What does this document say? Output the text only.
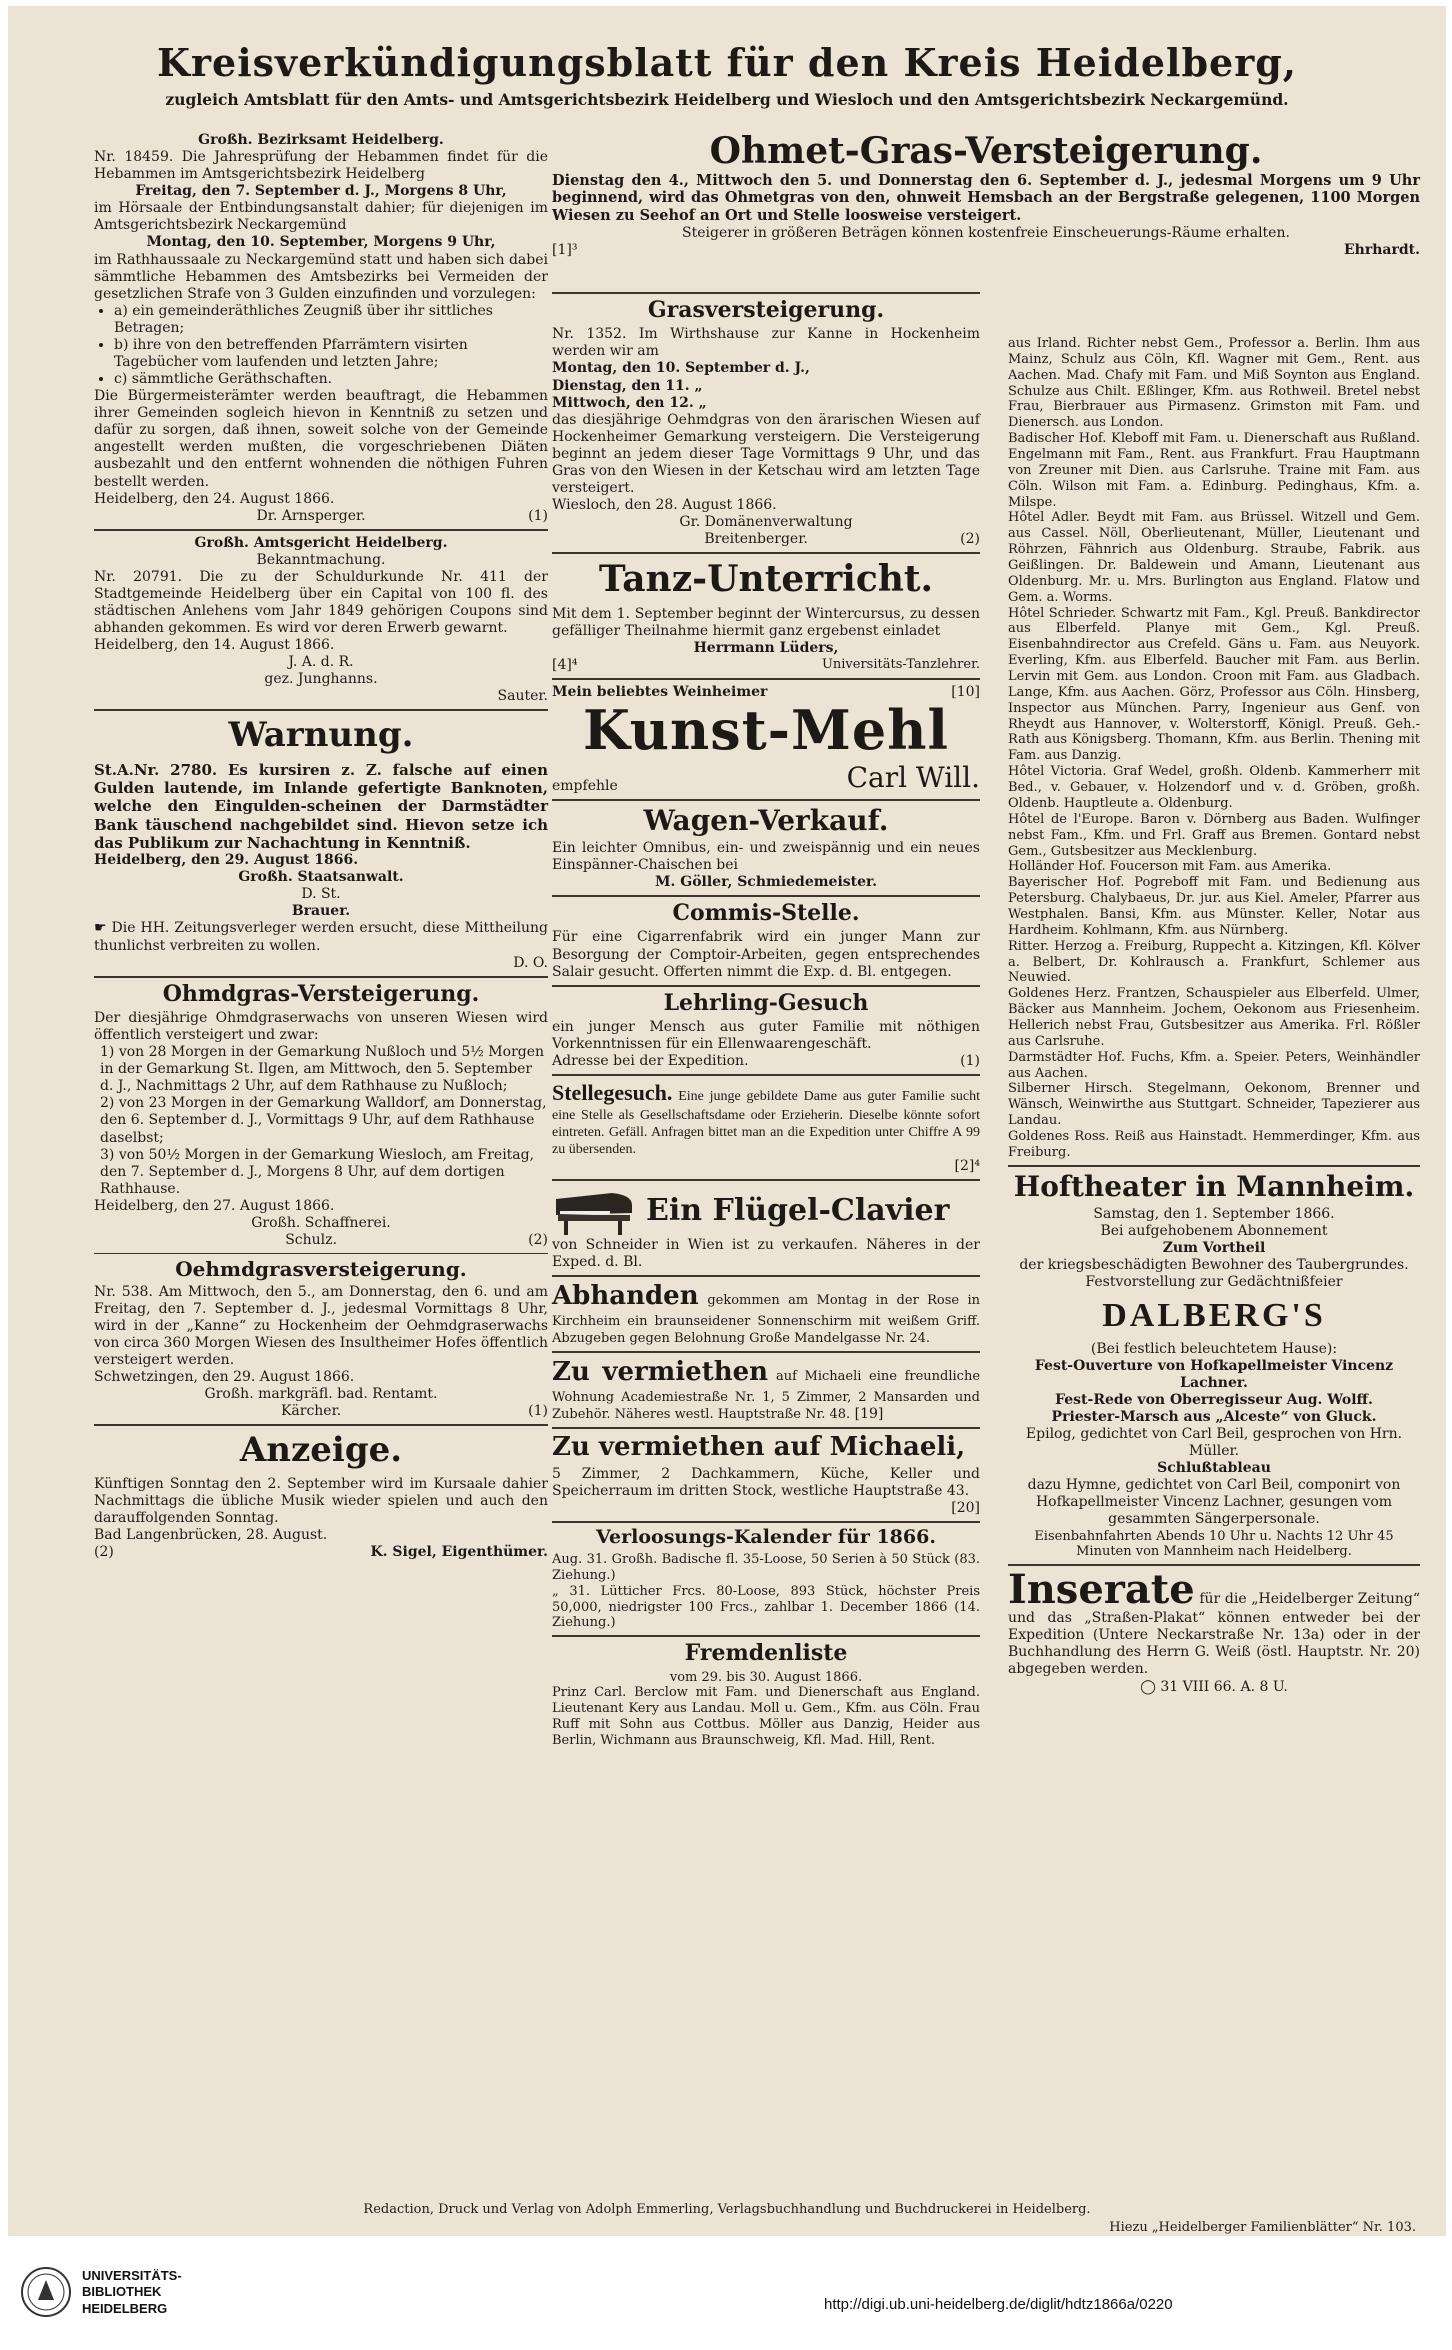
Kreisverkündigungsblatt für den Kreis Heidelberg,
zugleich Amtsblatt für den Amts- und Amtsgerichtsbezirk Heidelberg und Wiesloch und den Amtsgerichtsbezirk Neckargemünd.

Großh. Bezirksamt Heidelberg.

Nr. 18459. Die Jahresprüfung der Hebammen findet für die Hebammen im Amtsgerichtsbezirk Heidelberg

Freitag, den 7. September d. J., Morgens 8 Uhr,

im Hörsaale der Entbindungsanstalt dahier; für diejenigen im Amtsgerichtsbezirk Neckargemünd

Montag, den 10. September, Morgens 9 Uhr,

im Rathhaussaale zu Neckargemünd statt und haben sich dabei sämmtliche Hebammen des Amtsbezirks bei Vermeiden der gesetzlichen Strafe von 3 Gulden einzufinden und vorzulegen:

• a) ein gemeinderäthliches Zeugniß über ihr sittliches Betragen;
• b) ihre von den betreffenden Pfarrämtern visirten Tagebücher vom laufenden und letzten Jahre;
• c) sämmtliche Geräthschaften.

Die Bürgermeisterämter werden beauftragt, die Hebammen ihrer Gemeinden sogleich hievon in Kenntniß zu setzen und dafür zu sorgen, daß ihnen, soweit solche von der Gemeinde angestellt werden mußten, die vorgeschriebenen Diäten ausbezahlt und den entfernt wohnenden die nöthigen Fuhren bestellt werden.

Heidelberg, den 24. August 1866.

Dr. Arnsperger.	(1)

Großh. Amtsgericht Heidelberg.

Bekanntmachung.

Nr. 20791. Die zu der Schuldurkunde Nr. 411 der Stadtgemeinde Heidelberg über ein Capital von 100 fl. des städtischen Anlehens vom Jahr 1849 gehörigen Coupons sind abhanden gekommen. Es wird vor deren Erwerb gewarnt.

Heidelberg, den 14. August 1866.

J. A. d. R.

gez. Junghanns.

Sauter.

Warnung.

St.A.Nr. 2780. Es kursiren z. Z. falsche auf einen Gulden lautende, im Inlande gefertigte Banknoten, welche den Eingulden-scheinen der Darmstädter Bank täuschend nachgebildet sind. Hievon setze ich das Publikum zur Nachachtung in Kenntniß.

Heidelberg, den 29. August 1866.

Großh. Staatsanwalt.

D. St.

Brauer.

☛ Die HH. Zeitungsverleger werden ersucht, diese Mittheilung thunlichst verbreiten zu wollen.

D. O.

Ohmdgras-Versteigerung.

Der diesjährige Ohmdgraserwachs von unseren Wiesen wird öffentlich versteigert und zwar:

1) von 28 Morgen in der Gemarkung Nußloch und 5½ Morgen in der Gemarkung St. Ilgen, am Mittwoch, den 5. September d. J., Nachmittags 2 Uhr, auf dem Rathhause zu Nußloch;
2) von 23 Morgen in der Gemarkung Walldorf, am Donnerstag, den 6. September d. J., Vormittags 9 Uhr, auf dem Rathhause daselbst;
3) von 50½ Morgen in der Gemarkung Wiesloch, am Freitag, den 7. September d. J., Morgens 8 Uhr, auf dem dortigen Rathhause.

Heidelberg, den 27. August 1866.

Großh. Schaffnerei.

Schulz.	(2)
Oehmdgrasversteigerung.

Nr. 538. Am Mittwoch, den 5., am Donnerstag, den 6. und am Freitag, den 7. September d. J., jedesmal Vormittags 8 Uhr, wird in der „Kanne“ zu Hockenheim der Oehmdgraserwachs von circa 360 Morgen Wiesen des Insultheimer Hofes öffentlich versteigert werden.

Schwetzingen, den 29. August 1866.

Großh. markgräfl. bad. Rentamt.

Kärcher.	(1)
Anzeige.

Künftigen Sonntag den 2. September wird im Kursaale dahier Nachmittags die übliche Musik wieder spielen und auch den darauffolgenden Sonntag.

Bad Langenbrücken, 28. August.

(2)	K. Sigel, Eigenthümer.
Ohmet-Gras-Versteigerung.

Dienstag den 4., Mittwoch den 5. und Donnerstag den 6. September d. J., jedesmal Morgens um 9 Uhr beginnend, wird das Ohmetgras von den, ohnweit Hemsbach an der Bergstraße gelegenen, 1100 Morgen Wiesen zu Seehof an Ort und Stelle loosweise versteigert.

Steigerer in größeren Beträgen können kostenfreie Einscheuerungs-Räume erhalten.

[1]³	Ehrhardt.
Grasversteigerung.

Nr. 1352. Im Wirthshause zur Kanne in Hockenheim werden wir am

Montag, den 10. September d. J.,

Dienstag, den 11. „

Mittwoch, den 12. „

das diesjährige Oehmdgras von den ärarischen Wiesen auf Hockenheimer Gemarkung versteigern. Die Versteigerung beginnt an jedem dieser Tage Vormittags 9 Uhr, und das Gras von den Wiesen in der Ketschau wird am letzten Tage versteigert.

Wiesloch, den 28. August 1866.

Gr. Domänenverwaltung

Breitenberger.	(2)
Tanz-Unterricht.

Mit dem 1. September beginnt der Wintercursus, zu dessen gefälliger Theilnahme hiermit ganz ergebenst einladet

Herrmann Lüders,

[4]⁴	Universitäts-Tanzlehrer.
Mein beliebtes Weinheimer	[10]
Kunst-Mehl
empfehle	Carl Will.
Wagen-Verkauf.

Ein leichter Omnibus, ein- und zweispännig und ein neues Einspänner-Chaischen bei

M. Göller, Schmiedemeister.

Commis-Stelle.

Für eine Cigarrenfabrik wird ein junger Mann zur Besorgung der Comptoir-Arbeiten, gegen entsprechendes Salair gesucht. Offerten nimmt die Exp. d. Bl. entgegen.

Lehrling-Gesuch

ein junger Mensch aus guter Familie mit nöthigen Vorkenntnissen für ein Ellenwaarengeschäft.

Adresse bei der Expedition.	(1)

Stellegesuch. Eine junge gebildete Dame aus guter Familie sucht eine Stelle als Gesellschaftsdame oder Erzieherin. Dieselbe könnte sofort eintreten. Gefäll. Anfragen bittet man an die Expedition unter Chiffre A 99 zu übersenden.

[2]⁴

Ein Flügel-Clavier

von Schneider in Wien ist zu verkaufen. Näheres in der Exped. d. Bl.

Abhanden gekommen am Montag in der Rose in Kirchheim ein braunseidener Sonnenschirm mit weißem Griff. Abzugeben gegen Belohnung Große Mandelgasse Nr. 24.

Zu vermiethen auf Michaeli eine freundliche Wohnung Academiestraße Nr. 1, 5 Zimmer, 2 Mansarden und Zubehör. Näheres westl. Hauptstraße Nr. 48. [19]

Zu vermiethen auf Michaeli,

5 Zimmer, 2 Dachkammern, Küche, Keller und Speicherraum im dritten Stock, westliche Hauptstraße 43.

[20]

Verloosungs-Kalender für 1866.

Aug. 31. Großh. Badische fl. 35-Loose, 50 Serien à 50 Stück (83. Ziehung.)

„ 31. Lütticher Frcs. 80-Loose, 893 Stück, höchster Preis 50,000, niedrigster 100 Frcs., zahlbar 1. December 1866 (14. Ziehung.)

Fremdenliste

vom 29. bis 30. August 1866.

Prinz Carl. Berclow mit Fam. und Dienerschaft aus England. Lieutenant Kery aus Landau. Moll u. Gem., Kfm. aus Cöln. Frau Ruff mit Sohn aus Cottbus. Möller aus Danzig, Heider aus Berlin, Wichmann aus Braunschweig, Kfl. Mad. Hill, Rent.

aus Irland. Richter nebst Gem., Professor a. Berlin. Ihm aus Mainz, Schulz aus Cöln, Kfl. Wagner mit Gem., Rent. aus Aachen. Mad. Chafy mit Fam. und Miß Soynton aus England. Schulze aus Chilt. Eßlinger, Kfm. aus Rothweil. Bretel nebst Frau, Bierbrauer aus Pirmasenz. Grimston mit Fam. und Dienersch. aus London.

Badischer Hof. Kleboff mit Fam. u. Dienerschaft aus Rußland. Engelmann mit Fam., Rent. aus Frankfurt. Frau Hauptmann von Zreuner mit Dien. aus Carlsruhe. Traine mit Fam. aus Cöln. Wilson mit Fam. a. Edinburg. Pedinghaus, Kfm. a. Milspe.

Hôtel Adler. Beydt mit Fam. aus Brüssel. Witzell und Gem. aus Cassel. Nöll, Oberlieutenant, Müller, Lieutenant und Röhrzen, Fähnrich aus Oldenburg. Straube, Fabrik. aus Geißlingen. Dr. Baldewein und Amann, Lieutenant aus Oldenburg. Mr. u. Mrs. Burlington aus England. Flatow und Gem. a. Worms.

Hôtel Schrieder. Schwartz mit Fam., Kgl. Preuß. Bankdirector aus Elberfeld. Planye mit Gem., Kgl. Preuß. Eisenbahndirector aus Crefeld. Gäns u. Fam. aus Neuyork. Everling, Kfm. aus Elberfeld. Baucher mit Fam. aus Berlin. Lervin mit Gem. aus London. Croon mit Fam. aus Gladbach. Lange, Kfm. aus Aachen. Görz, Professor aus Cöln. Hinsberg, Inspector aus München. Parry, Ingenieur aus Genf. von Rheydt aus Hannover, v. Wolterstorff, Königl. Preuß. Geh.-Rath aus Königsberg. Thomann, Kfm. aus Berlin. Thening mit Fam. aus Danzig.

Hôtel Victoria. Graf Wedel, großh. Oldenb. Kammerherr mit Bed., v. Gebauer, v. Holzendorf und v. d. Gröben, großh. Oldenb. Hauptleute a. Oldenburg.

Hôtel de l'Europe. Baron v. Dörnberg aus Baden. Wulfinger nebst Fam., Kfm. und Frl. Graff aus Bremen. Gontard nebst Gem., Gutsbesitzer aus Mecklenburg.

Holländer Hof. Foucerson mit Fam. aus Amerika.

Bayerischer Hof. Pogreboff mit Fam. und Bedienung aus Petersburg. Chalybaeus, Dr. jur. aus Kiel. Ameler, Pfarrer aus Westphalen. Bansi, Kfm. aus Münster. Keller, Notar aus Hardheim. Kohlmann, Kfm. aus Nürnberg.

Ritter. Herzog a. Freiburg, Ruppecht a. Kitzingen, Kfl. Kölver a. Belbert, Dr. Kohlrausch a. Frankfurt, Schlemer aus Neuwied.

Goldenes Herz. Frantzen, Schauspieler aus Elberfeld. Ulmer, Bäcker aus Mannheim. Jochem, Oekonom aus Friesenheim. Hellerich nebst Frau, Gutsbesitzer aus Amerika. Frl. Rößler aus Carlsruhe.

Darmstädter Hof. Fuchs, Kfm. a. Speier. Peters, Weinhändler aus Aachen.

Silberner Hirsch. Stegelmann, Oekonom, Brenner und Wänsch, Weinwirthe aus Stuttgart. Schneider, Tapezierer aus Landau.

Goldenes Ross. Reiß aus Hainstadt. Hemmerdinger, Kfm. aus Freiburg.

Hoftheater in Mannheim.

Samstag, den 1. September 1866.

Bei aufgehobenem Abonnement

Zum Vortheil

der kriegsbeschädigten Bewohner des Taubergrundes.

Festvorstellung zur Gedächtnißfeier

DALBERG'S

(Bei festlich beleuchtetem Hause):

Fest-Ouverture von Hofkapellmeister Vincenz Lachner.

Fest-Rede von Oberregisseur Aug. Wolff.

Priester-Marsch aus „Alceste“ von Gluck.

Epilog, gedichtet von Carl Beil, gesprochen von Hrn. Müller.

Schlußtableau

dazu Hymne, gedichtet von Carl Beil, componirt von Hofkapellmeister Vincenz Lachner, gesungen vom gesammten Sängerpersonale.

Eisenbahnfahrten Abends 10 Uhr u. Nachts 12 Uhr 45 Minuten von Mannheim nach Heidelberg.

Inserate für die „Heidelberger Zeitung“ und das „Straßen-Plakat“ können entweder bei der Expedition (Untere Neckarstraße Nr. 13a) oder in der Buchhandlung des Herrn G. Weiß (östl. Hauptstr. Nr. 20) abgegeben werden.

◯ 31 VIII 66. A. 8 U.

Redaction, Druck und Verlag von Adolph Emmerling, Verlagsbuchhandlung und Buchdruckerei in Heidelberg.
Hiezu „Heidelberger Familienblätter“ Nr. 103.
UNIVERSITÄTS-
BIBLIOTHEK
HEIDELBERG	http://digi.ub.uni-heidelberg.de/diglit/hdtz1866a/0220
